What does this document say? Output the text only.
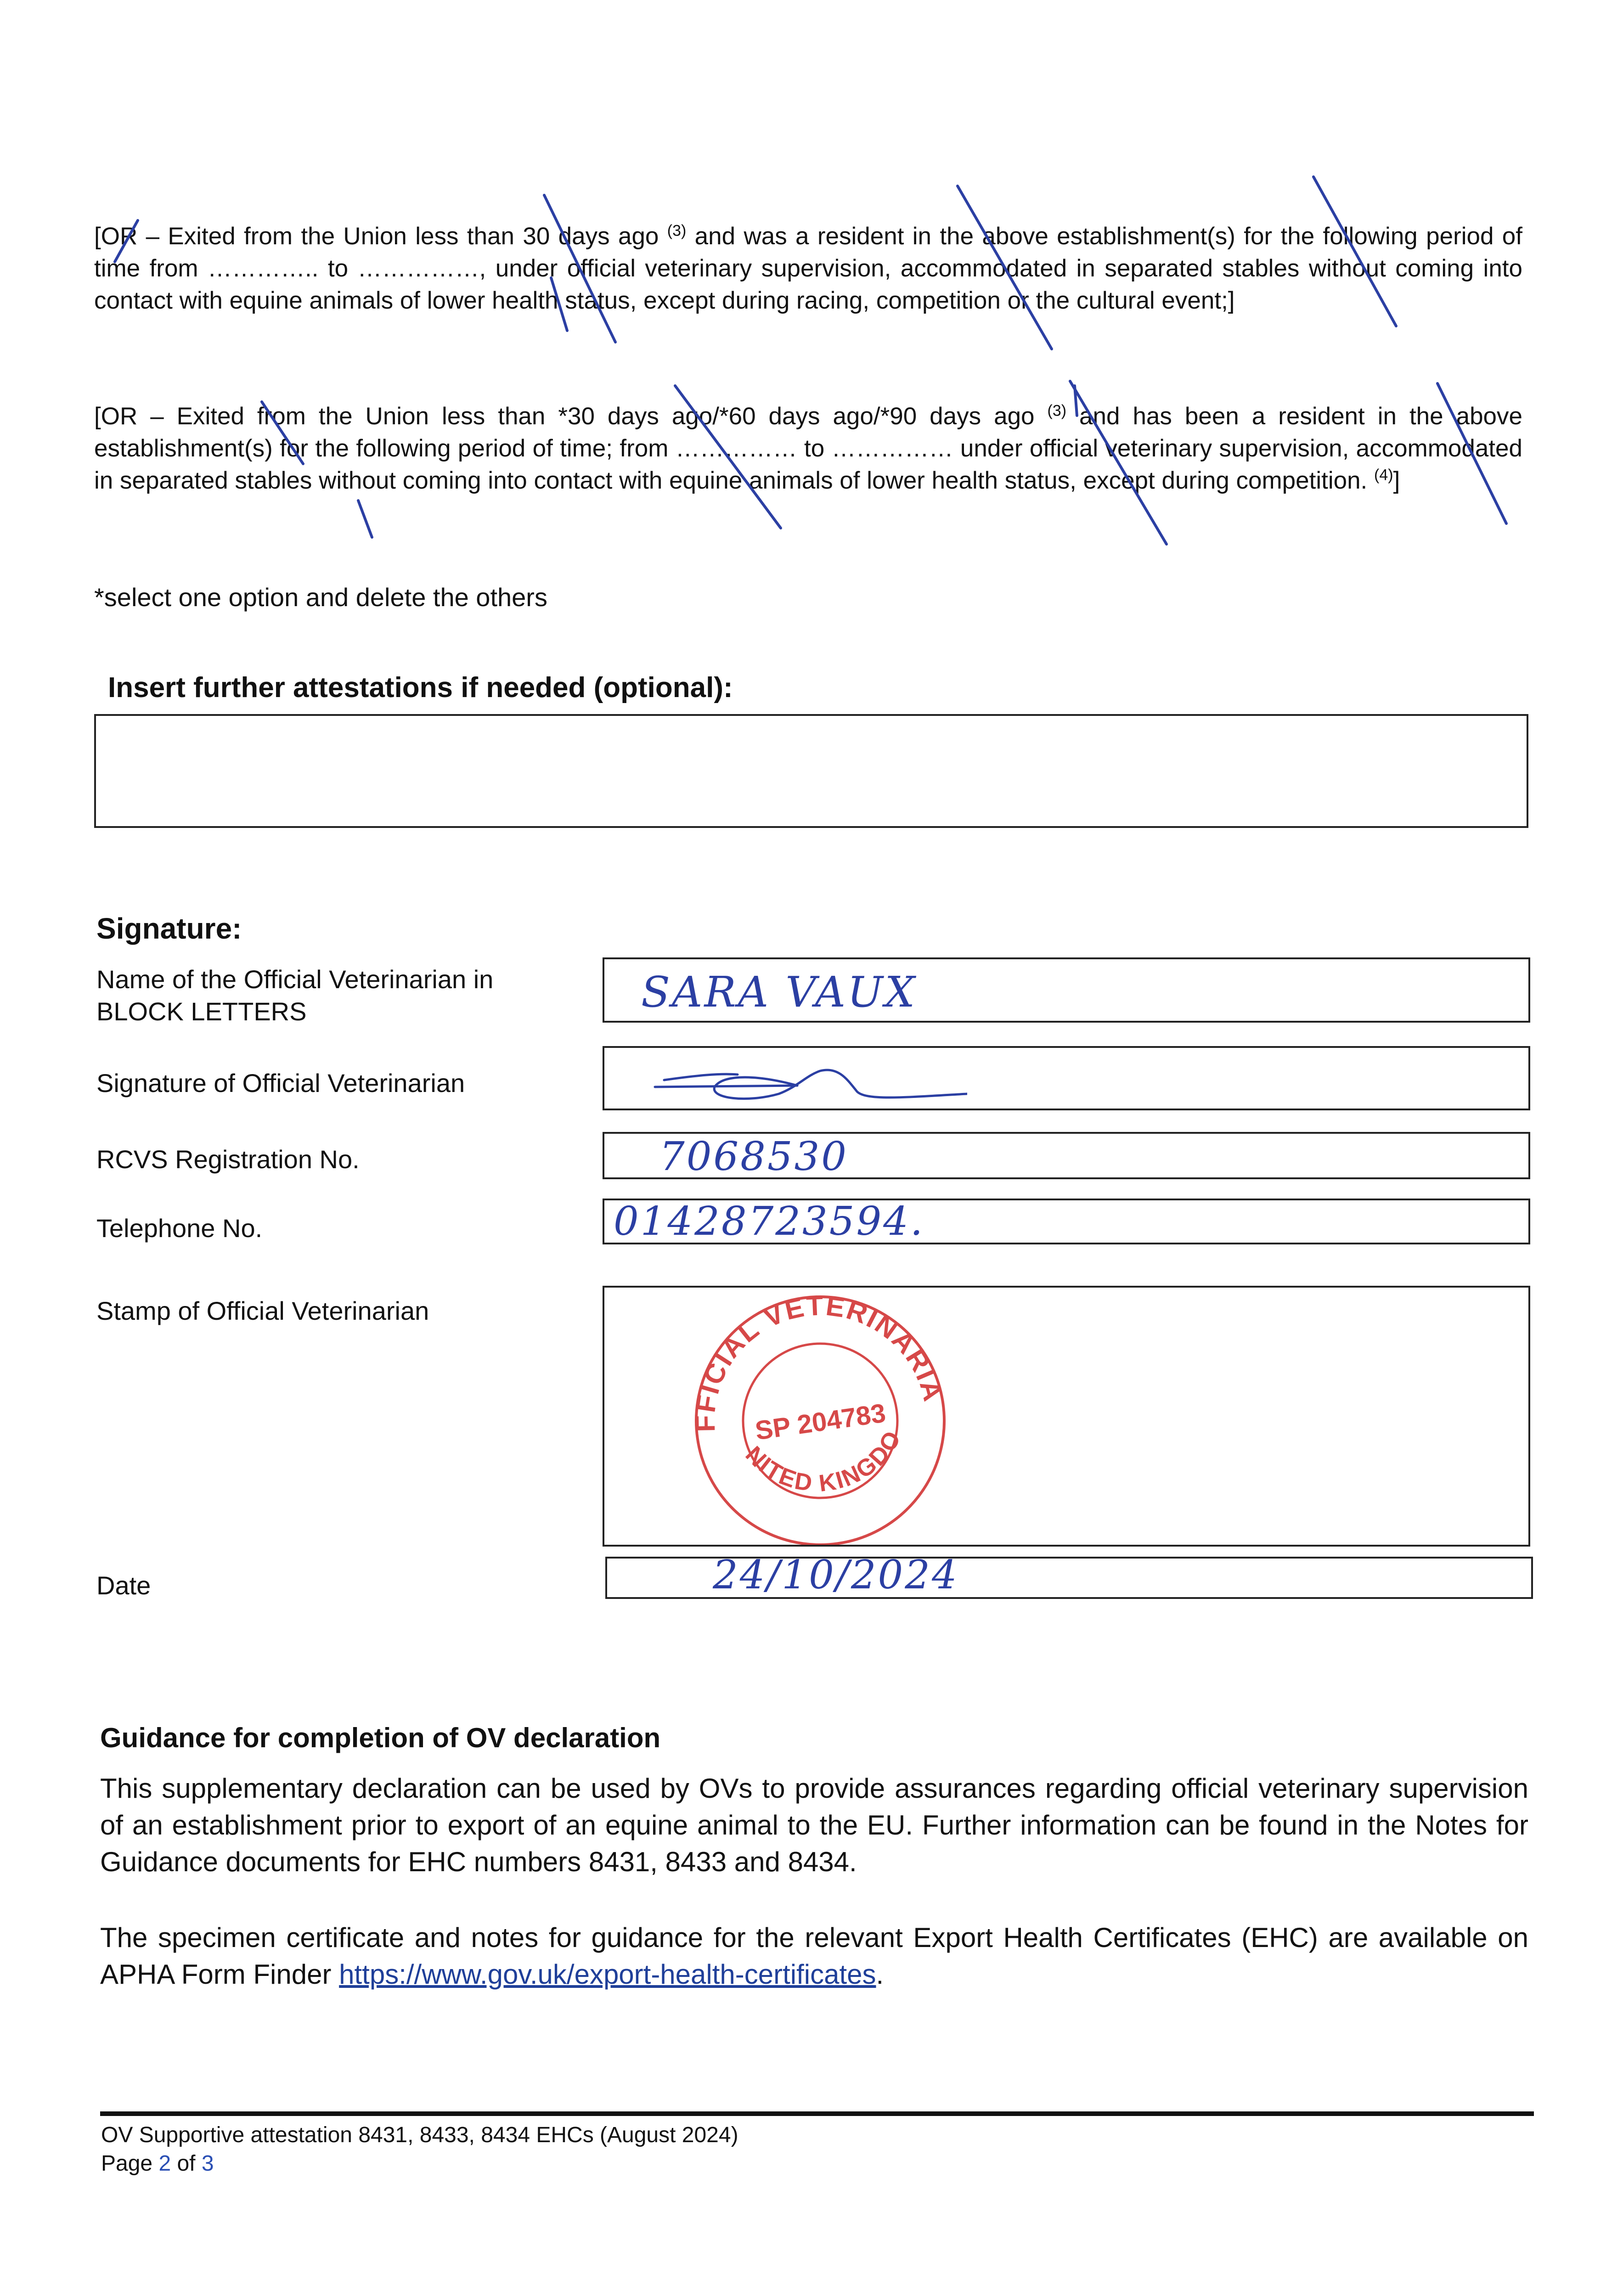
[OR – Exited from the Union less than 30 days ago $^{(3)}$ and was a resident in the above establishment(s) for the following period of time from ………….. to ……………, under official veterinary supervision, accommodated in separated stables without coming into contact with equine animals of lower health status, except during racing, competition or the cultural event;]

[OR – Exited from the Union less than *30 days ago/*60 days ago/*90 days ago $^{(3)}$ and has been a resident in the above establishment(s) for the following period of time; from …………… to …………… under official veterinary supervision, accommodated in separated stables without coming into contact with equine animals of lower health status, except during competition. $^{(4)}$]

*select one option and delete the others
Insert further attestations if needed (optional):
Signature:
Name of the Official Veterinarian in BLOCK LETTERS	SARA VAUX
Signature of Official Veterinarian
RCVS Registration No.	7068530
Telephone No.	01428723594.
Stamp of Official Veterinarian	OFFICIAL VETERINARIAN
UNITED KINGDOM
SP 204783
Date	24/10/2024
Guidance for completion of OV declaration

This supplementary declaration can be used by OVs to provide assurances regarding official veterinary supervision of an establishment prior to export of an equine animal to the EU. Further information can be found in the Notes for Guidance documents for EHC numbers 8431, 8433 and 8434.

The specimen certificate and notes for guidance for the relevant Export Health Certificates (EHC) are available on APHA Form Finder https://www.gov.uk/export-health-certificates.

OV Supportive attestation 8431, 8433, 8434 EHCs (August 2024)
Page 2 of 3
